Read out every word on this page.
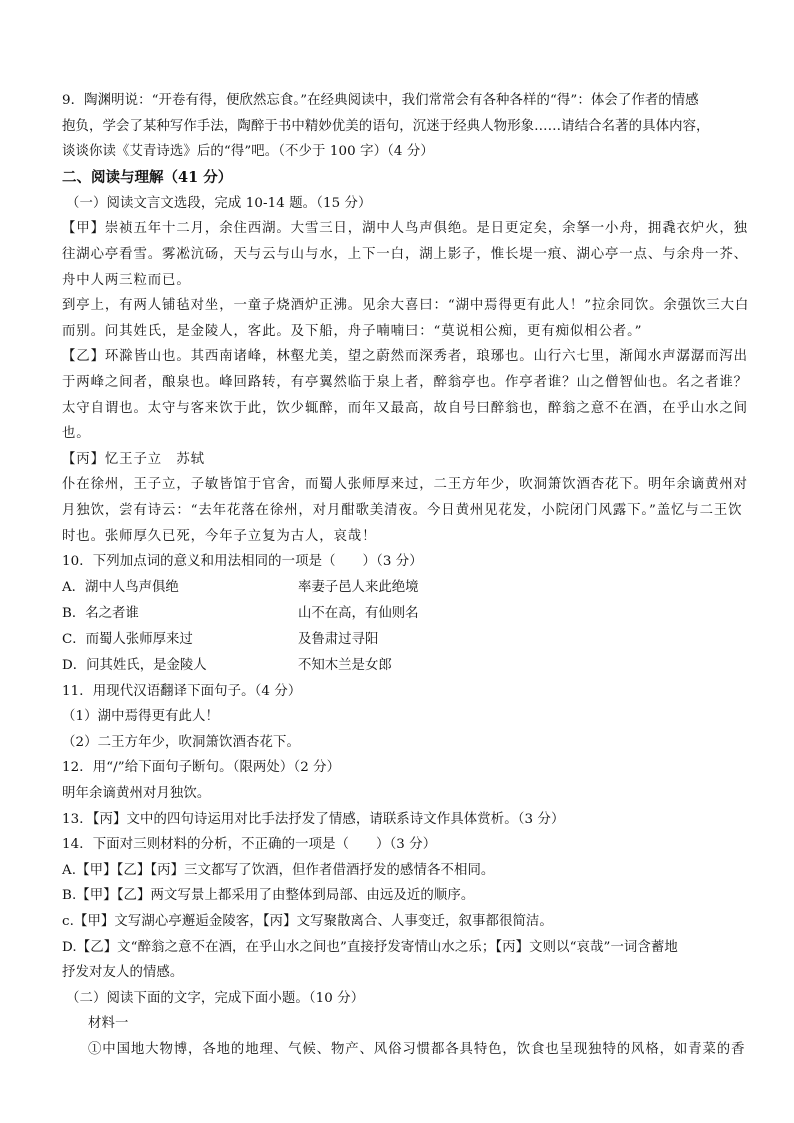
9．陶渊明说：“开卷有得，便欣然忘食。”在经典阅读中，我们常常会有各种各样的“得”：体会了作者的情感
抱负，学会了某种写作手法，陶醉于书中精妙优美的语句，沉迷于经典人物形象……请结合名著的具体内容，
谈谈你读《艾青诗选》后的“得”吧。（不少于 100 字）（4 分）
二、阅读与理解（41 分）
（一）阅读文言文选段，完成 10-14 题。（15 分）
【甲】崇祯五年十二月，余住西湖。大雪三日，湖中人鸟声俱绝。是日更定矣，余拏一小舟，拥毳衣炉火，独
往湖心亭看雪。雾凇沆砀，天与云与山与水，上下一白，湖上影子，惟长堤一痕、湖心亭一点、与余舟一芥、
舟中人两三粒而已。
到亭上，有两人铺毡对坐，一童子烧酒炉正沸。见余大喜曰：“湖中焉得更有此人！”拉余同饮。余强饮三大白
而别。问其姓氏，是金陵人，客此。及下船，舟子喃喃曰：“莫说相公痴，更有痴似相公者。”
【乙】环滁皆山也。其西南诸峰，林壑尤美，望之蔚然而深秀者，琅琊也。山行六七里，渐闻水声潺潺而泻出
于两峰之间者，酿泉也。峰回路转，有亭翼然临于泉上者，醉翁亭也。作亭者谁？山之僧智仙也。名之者谁？
太守自谓也。太守与客来饮于此，饮少辄醉，而年又最高，故自号曰醉翁也，醉翁之意不在酒，在乎山水之间
也。
【丙】忆王子立　苏轼
仆在徐州，王子立，子敏皆馆于官舍，而蜀人张师厚来过，二王方年少，吹洞箫饮酒杏花下。明年余谪黄州对
月独饮，尝有诗云：“去年花落在徐州，对月酣歌美清夜。今日黄州见花发，小院闭门风露下。”盖忆与二王饮
时也。张师厚久已死，今年子立复为古人，哀哉！
10．下列加点词的意义和用法相同的一项是（　　）（3 分）
A．湖中人鸟声俱绝	率妻子邑人来此绝境
B．名之者谁	山不在高，有仙则名
C．而蜀人张师厚来过	及鲁肃过寻阳
D．问其姓氏，是金陵人	不知木兰是女郎
11．用现代汉语翻译下面句子。（4 分）
（1）湖中焉得更有此人！
（2）二王方年少，吹洞箫饮酒杏花下。
12．用“/”给下面句子断句。（限两处）（2 分）
明年余谪黄州对月独饮。
13．【丙】文中的四句诗运用对比手法抒发了情感，请联系诗文作具体赏析。（3 分）
14．下面对三则材料的分析，不正确的一项是（　　）（3 分）
A.【甲】【乙】【丙】三文都写了饮酒，但作者借酒抒发的感情各不相同。
B.【甲】【乙】两文写景上都采用了由整体到局部、由远及近的顺序。
c.【甲】文写湖心亭邂逅金陵客，【丙】文写聚散离合、人事变迁，叙事都很简洁。
D.【乙】文“醉翁之意不在酒，在乎山水之间也”直接抒发寄情山水之乐；【丙】文则以“哀哉”一词含蓄地
抒发对友人的情感。
（二）阅读下面的文字，完成下面小题。（10 分）
材料一
①中国地大物博，各地的地理、气候、物产、风俗习惯都各具特色，饮食也呈现独特的风格，如青菜的香
